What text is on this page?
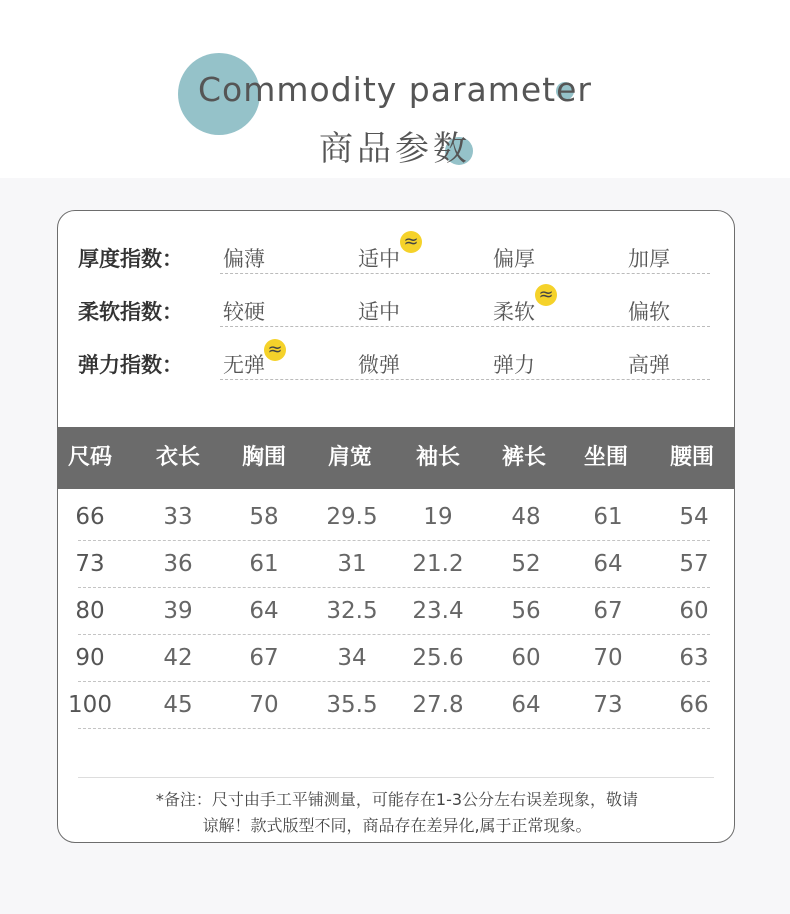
Commodity parameter
商品参数
厚度指数： 偏薄	适中	偏厚	加厚
≈
柔软指数： 较硬	适中	柔软	偏软
≈
弹力指数： 无弹	微弹	弹力	高弹
≈
尺码	衣长	胸围	肩宽	袖长	裤长	坐围	腰围
66	33	58	29.5	19	48	61	54
73	36	61	31	21.2	52	64	57
80	39	64	32.5	23.4	56	67	60
90	42	67	34	25.6	60	70	63
100	45	70	35.5	27.8	64	73	66
*备注：尺寸由手工平铺测量，可能存在1-3公分左右误差现象，敬请
谅解！款式版型不同，商品存在差异化,属于正常现象。
